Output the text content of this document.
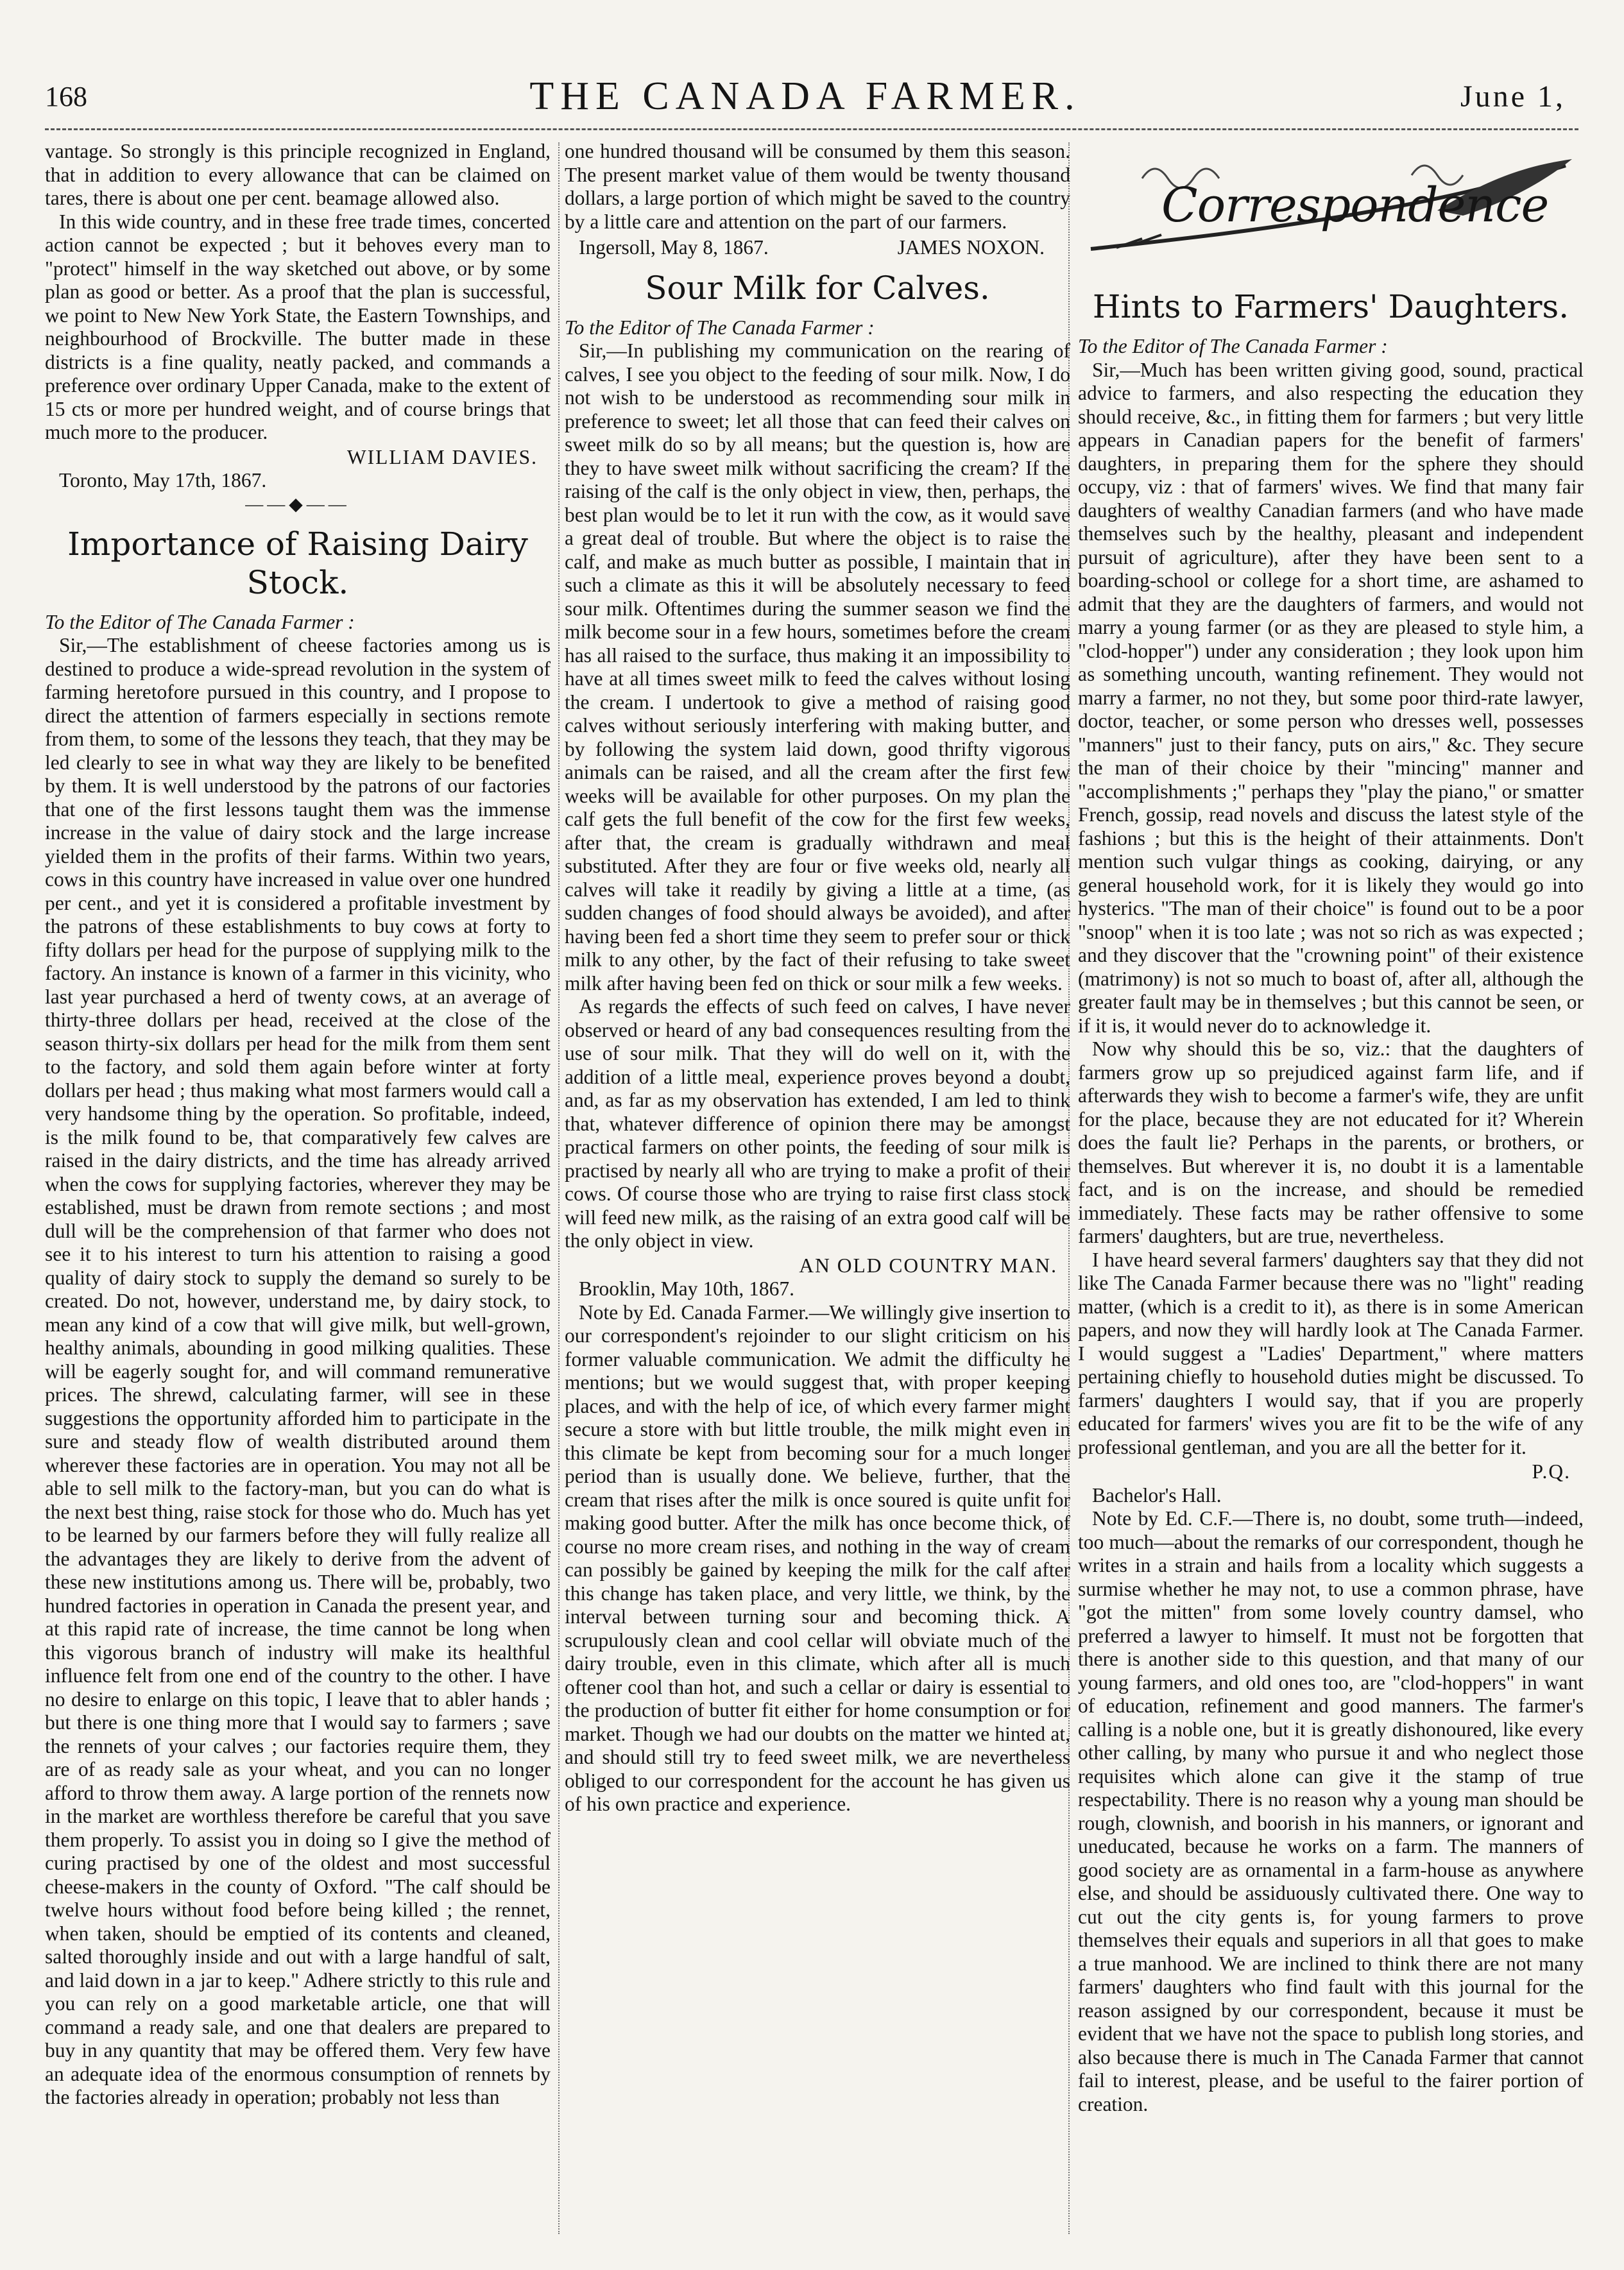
168	THE CANADA FARMER.	June 1,

vantage. So strongly is this principle recognized in England, that in addition to every allowance that can be claimed on tares, there is about one per cent. beamage allowed also.

In this wide country, and in these free trade times, concerted action cannot be expected ; but it behoves every man to "protect" himself in the way sketched out above, or by some plan as good or better. As a proof that the plan is successful, we point to New New York State, the Eastern Townships, and neighbourhood of Brockville. The butter made in these districts is a fine quality, neatly packed, and commands a preference over ordinary Upper Canada, make to the extent of 15 cts or more per hundred weight, and of course brings that much more to the producer.

WILLIAM DAVIES.

Toronto, May 17th, 1867.

——◆——
Importance of Raising Dairy Stock.

To the Editor of The Canada Farmer :

Sir,—The establishment of cheese factories among us is destined to produce a wide-spread revolution in the system of farming heretofore pursued in this country, and I propose to direct the attention of farmers especially in sections remote from them, to some of the lessons they teach, that they may be led clearly to see in what way they are likely to be benefited by them. It is well understood by the patrons of our factories that one of the first lessons taught them was the immense increase in the value of dairy stock and the large increase yielded them in the profits of their farms. Within two years, cows in this country have increased in value over one hundred per cent., and yet it is considered a profitable investment by the patrons of these establishments to buy cows at forty to fifty dollars per head for the purpose of supplying milk to the factory. An instance is known of a farmer in this vicinity, who last year purchased a herd of twenty cows, at an average of thirty-three dollars per head, received at the close of the season thirty-six dollars per head for the milk from them sent to the factory, and sold them again before winter at forty dollars per head ; thus making what most farmers would call a very handsome thing by the operation. So profitable, indeed, is the milk found to be, that comparatively few calves are raised in the dairy districts, and the time has already arrived when the cows for supplying factories, wherever they may be established, must be drawn from remote sections ; and most dull will be the comprehension of that farmer who does not see it to his interest to turn his attention to raising a good quality of dairy stock to supply the demand so surely to be created. Do not, however, understand me, by dairy stock, to mean any kind of a cow that will give milk, but well-grown, healthy animals, abounding in good milking qualities. These will be eagerly sought for, and will command remunerative prices. The shrewd, calculating farmer, will see in these suggestions the opportunity afforded him to participate in the sure and steady flow of wealth distributed around them wherever these factories are in operation. You may not all be able to sell milk to the factory-man, but you can do what is the next best thing, raise stock for those who do. Much has yet to be learned by our farmers before they will fully realize all the advantages they are likely to derive from the advent of these new institutions among us. There will be, probably, two hundred factories in operation in Canada the present year, and at this rapid rate of increase, the time cannot be long when this vigorous branch of industry will make its healthful influence felt from one end of the country to the other. I have no desire to enlarge on this topic, I leave that to abler hands ; but there is one thing more that I would say to farmers ; save the rennets of your calves ; our factories require them, they are of as ready sale as your wheat, and you can no longer afford to throw them away. A large portion of the rennets now in the market are worthless therefore be careful that you save them properly. To assist you in doing so I give the method of curing practised by one of the oldest and most successful cheese-makers in the county of Oxford. "The calf should be twelve hours without food before being killed ; the rennet, when taken, should be emptied of its contents and cleaned, salted thoroughly inside and out with a large handful of salt, and laid down in a jar to keep." Adhere strictly to this rule and you can rely on a good marketable article, one that will command a ready sale, and one that dealers are prepared to buy in any quantity that may be offered them. Very few have an adequate idea of the enormous consumption of rennets by the factories already in operation; probably not less than

one hundred thousand will be consumed by them this season. The present market value of them would be twenty thousand dollars, a large portion of which might be saved to the country by a little care and attention on the part of our farmers.

Ingersoll, May 8, 1867.	JAMES NOXON.
Sour Milk for Calves.

To the Editor of The Canada Farmer :

Sir,—In publishing my communication on the rearing of calves, I see you object to the feeding of sour milk. Now, I do not wish to be understood as recommending sour milk in preference to sweet; let all those that can feed their calves on sweet milk do so by all means; but the question is, how are they to have sweet milk without sacrificing the cream? If the raising of the calf is the only object in view, then, perhaps, the best plan would be to let it run with the cow, as it would save a great deal of trouble. But where the object is to raise the calf, and make as much butter as possible, I maintain that in such a climate as this it will be absolutely necessary to feed sour milk. Oftentimes during the summer season we find the milk become sour in a few hours, sometimes before the cream has all raised to the surface, thus making it an impossibility to have at all times sweet milk to feed the calves without losing the cream. I undertook to give a method of raising good calves without seriously interfering with making butter, and by following the system laid down, good thrifty vigorous animals can be raised, and all the cream after the first few weeks will be available for other purposes. On my plan the calf gets the full benefit of the cow for the first few weeks, after that, the cream is gradually withdrawn and meal substituted. After they are four or five weeks old, nearly all calves will take it readily by giving a little at a time, (as sudden changes of food should always be avoided), and after having been fed a short time they seem to prefer sour or thick milk to any other, by the fact of their refusing to take sweet milk after having been fed on thick or sour milk a few weeks.

As regards the effects of such feed on calves, I have never observed or heard of any bad consequences resulting from the use of sour milk. That they will do well on it, with the addition of a little meal, experience proves beyond a doubt, and, as far as my observation has extended, I am led to think that, whatever difference of opinion there may be amongst practical farmers on other points, the feeding of sour milk is practised by nearly all who are trying to make a profit of their cows. Of course those who are trying to raise first class stock will feed new milk, as the raising of an extra good calf will be the only object in view.

AN OLD COUNTRY MAN.

Brooklin, May 10th, 1867.

Note by Ed. Canada Farmer.—We willingly give insertion to our correspondent's rejoinder to our slight criticism on his former valuable communication. We admit the difficulty he mentions; but we would suggest that, with proper keeping places, and with the help of ice, of which every farmer might secure a store with but little trouble, the milk might even in this climate be kept from becoming sour for a much longer period than is usually done. We believe, further, that the cream that rises after the milk is once soured is quite unfit for making good butter. After the milk has once become thick, of course no more cream rises, and nothing in the way of cream can possibly be gained by keeping the milk for the calf after this change has taken place, and very little, we think, by the interval between turning sour and becoming thick. A scrupulously clean and cool cellar will obviate much of the dairy trouble, even in this climate, which after all is much oftener cool than hot, and such a cellar or dairy is essential to the production of butter fit either for home consumption or for market. Though we had our doubts on the matter we hinted at, and should still try to feed sweet milk, we are nevertheless obliged to our correspondent for the account he has given us of his own practice and experience.

Correspondence
Hints to Farmers' Daughters.

To the Editor of The Canada Farmer :

Sir,—Much has been written giving good, sound, practical advice to farmers, and also respecting the education they should receive, &c., in fitting them for farmers ; but very little appears in Canadian papers for the benefit of farmers' daughters, in preparing them for the sphere they should occupy, viz : that of farmers' wives. We find that many fair daughters of wealthy Canadian farmers (and who have made themselves such by the healthy, pleasant and independent pursuit of agriculture), after they have been sent to a boarding-school or college for a short time, are ashamed to admit that they are the daughters of farmers, and would not marry a young farmer (or as they are pleased to style him, a "clod-hopper") under any consideration ; they look upon him as something uncouth, wanting refinement. They would not marry a farmer, no not they, but some poor third-rate lawyer, doctor, teacher, or some person who dresses well, possesses "manners" just to their fancy, puts on airs," &c. They secure the man of their choice by their "mincing" manner and "accomplishments ;" perhaps they "play the piano," or smatter French, gossip, read novels and discuss the latest style of the fashions ; but this is the height of their attainments. Don't mention such vulgar things as cooking, dairying, or any general household work, for it is likely they would go into hysterics. "The man of their choice" is found out to be a poor "snoop" when it is too late ; was not so rich as was expected ; and they discover that the "crowning point" of their existence (matrimony) is not so much to boast of, after all, although the greater fault may be in themselves ; but this cannot be seen, or if it is, it would never do to acknowledge it.

Now why should this be so, viz.: that the daughters of farmers grow up so prejudiced against farm life, and if afterwards they wish to become a farmer's wife, they are unfit for the place, because they are not educated for it? Wherein does the fault lie? Perhaps in the parents, or brothers, or themselves. But wherever it is, no doubt it is a lamentable fact, and is on the increase, and should be remedied immediately. These facts may be rather offensive to some farmers' daughters, but are true, nevertheless.

I have heard several farmers' daughters say that they did not like The Canada Farmer because there was no "light" reading matter, (which is a credit to it), as there is in some American papers, and now they will hardly look at The Canada Farmer. I would suggest a "Ladies' Department," where matters pertaining chiefly to household duties might be discussed. To farmers' daughters I would say, that if you are properly educated for farmers' wives you are fit to be the wife of any professional gentleman, and you are all the better for it.

P.Q.

Bachelor's Hall.

Note by Ed. C.F.—There is, no doubt, some truth—indeed, too much—about the remarks of our correspondent, though he writes in a strain and hails from a locality which suggests a surmise whether he may not, to use a common phrase, have "got the mitten" from some lovely country damsel, who preferred a lawyer to himself. It must not be forgotten that there is another side to this question, and that many of our young farmers, and old ones too, are "clod-hoppers" in want of education, refinement and good manners. The farmer's calling is a noble one, but it is greatly dishonoured, like every other calling, by many who pursue it and who neglect those requisites which alone can give it the stamp of true respectability. There is no reason why a young man should be rough, clownish, and boorish in his manners, or ignorant and uneducated, because he works on a farm. The manners of good society are as ornamental in a farm-house as anywhere else, and should be assiduously cultivated there. One way to cut out the city gents is, for young farmers to prove themselves their equals and superiors in all that goes to make a true manhood. We are inclined to think there are not many farmers' daughters who find fault with this journal for the reason assigned by our correspondent, because it must be evident that we have not the space to publish long stories, and also because there is much in The Canada Farmer that cannot fail to interest, please, and be useful to the fairer portion of creation.
